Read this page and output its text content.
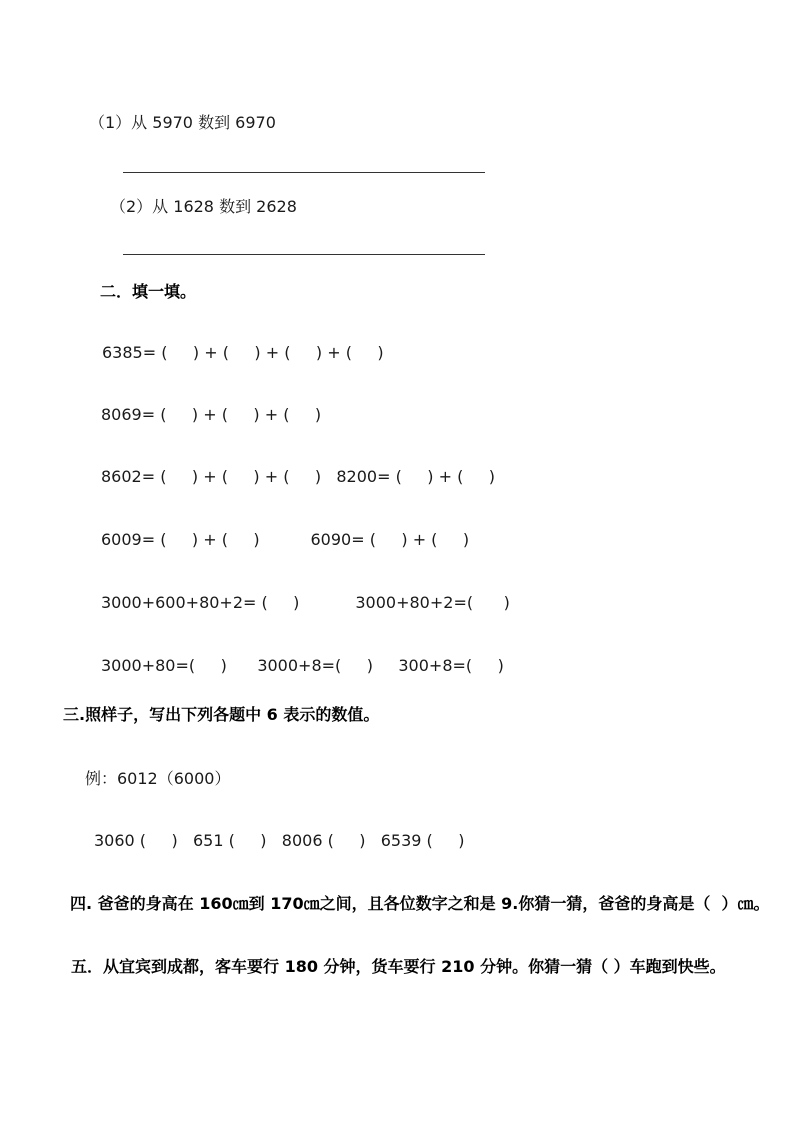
（1）从 5970 数到 6970
（2）从 1628 数到 2628
二．填一填。
6385= (     ) + (     ) + (     ) + (     )
8069= (     ) + (     ) + (     )
8602= (     ) + (     ) + (     )   8200= (     ) + (     )
6009= (     ) + (     )          6090= (     ) + (     )
3000+600+80+2= (     )           3000+80+2=(      )
3000+80=(     )      3000+8=(     )     300+8=(     )
三.照样子，写出下列各题中 6 表示的数值。
例：6012（6000）
3060 (     )   651 (     )   8006 (     )   6539 (     )
四. 爸爸的身高在 160㎝到 170㎝之间，且各位数字之和是 9.你猜一猜，爸爸的身高是（  ）㎝。
五．从宜宾到成都，客车要行 180 分钟，货车要行 210 分钟。你猜一猜（ ）车跑到快些。
